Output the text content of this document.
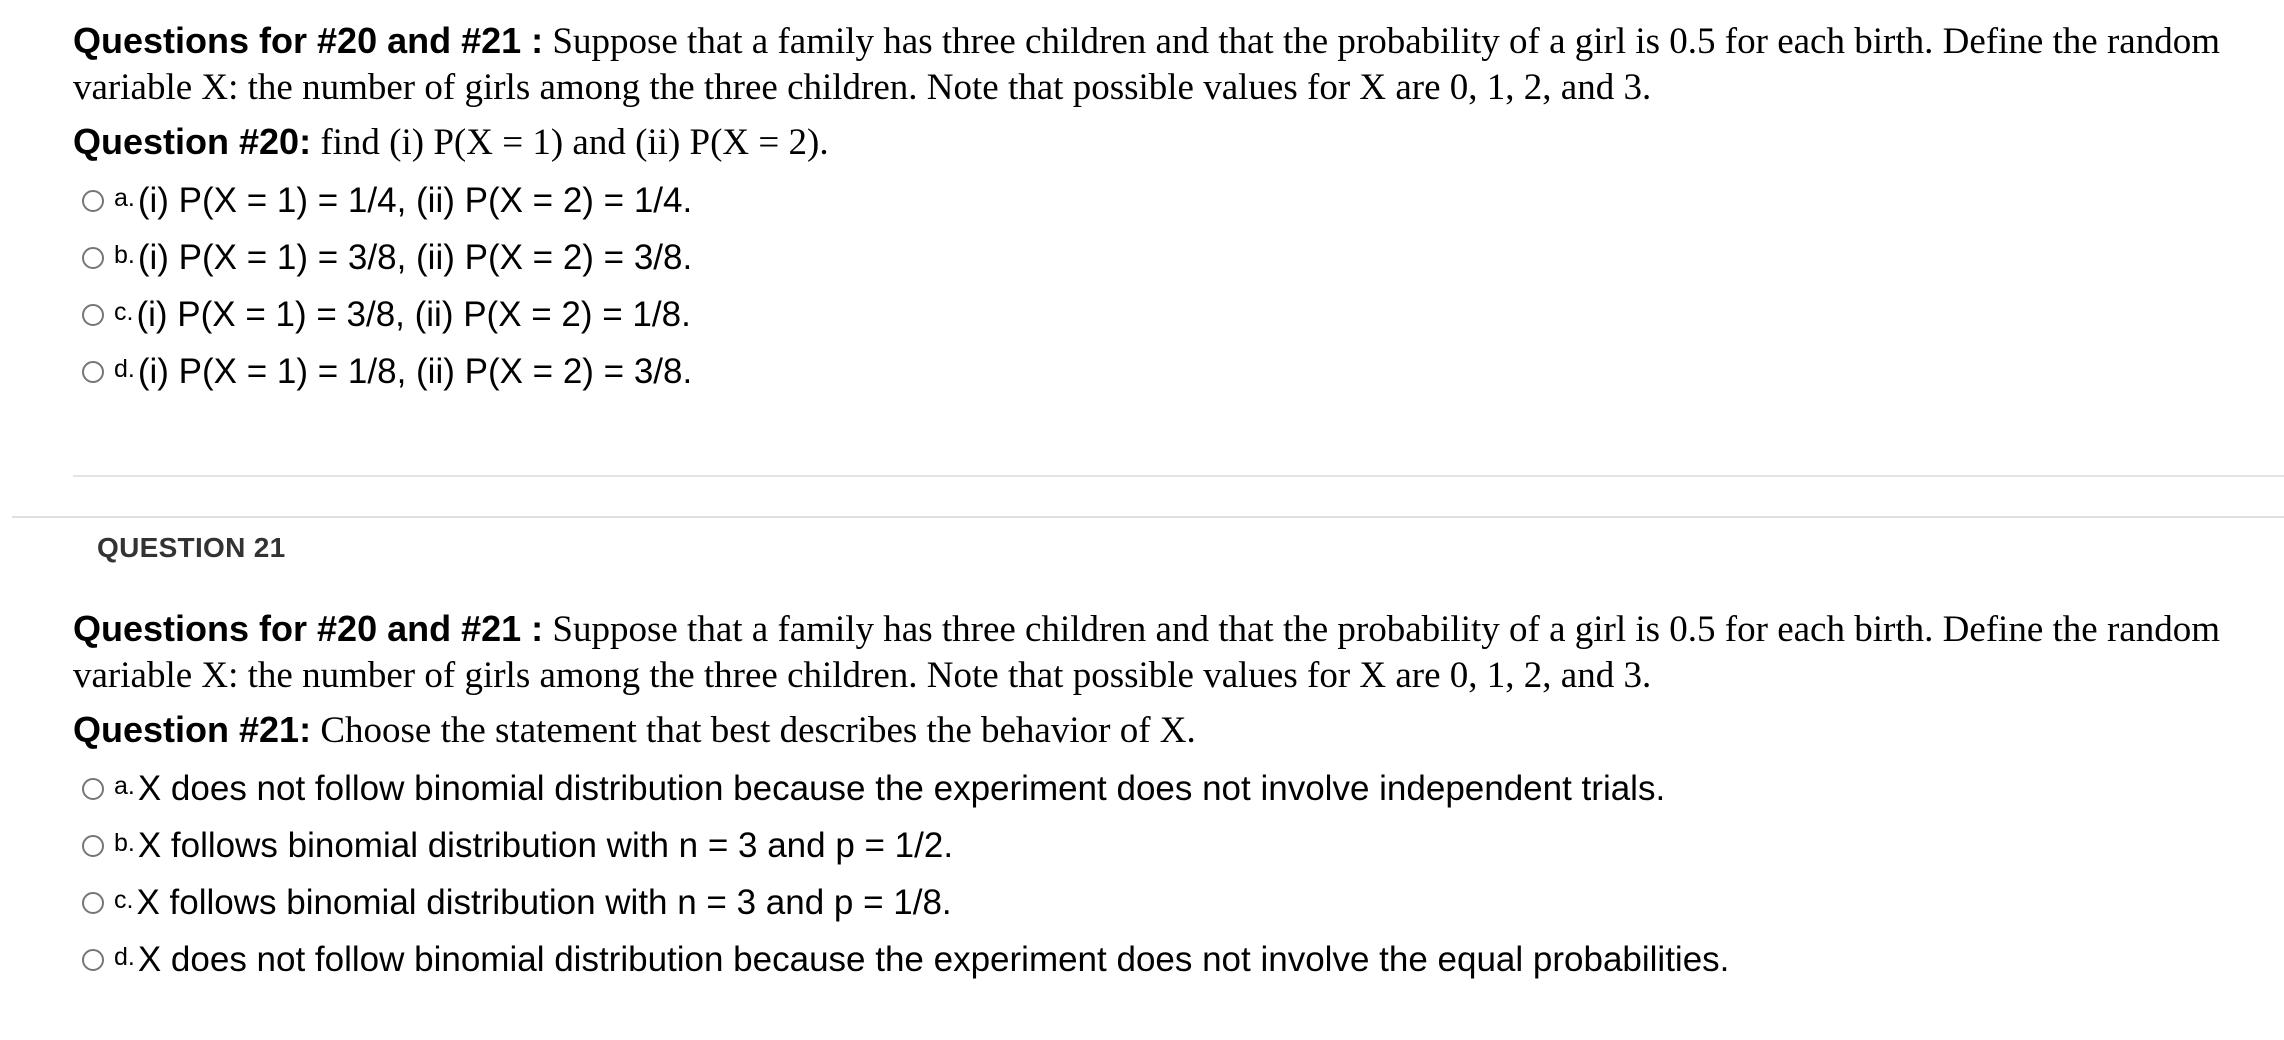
Questions for #20 and #21 : Suppose that a family has three children and that the probability of a girl is 0.5 for each birth. Define the random variable X: the number of girls among the three children. Note that possible values for X are 0, 1, 2, and 3.

Question #20: find (i) P(X = 1) and (ii) P(X = 2).
a. (i) P(X = 1) = 1/4, (ii) P(X = 2) = 1/4.
b. (i) P(X = 1) = 3/8, (ii) P(X = 2) = 3/8.
c. (i) P(X = 1) = 3/8, (ii) P(X = 2) = 1/8.
d. (i) P(X = 1) = 1/8, (ii) P(X = 2) = 3/8.
QUESTION 21

Questions for #20 and #21 : Suppose that a family has three children and that the probability of a girl is 0.5 for each birth. Define the random variable X: the number of girls among the three children. Note that possible values for X are 0, 1, 2, and 3.

Question #21: Choose the statement that best describes the behavior of X.
a. X does not follow binomial distribution because the experiment does not involve independent trials.
b. X follows binomial distribution with n = 3 and p = 1/2.
c. X follows binomial distribution with n = 3 and p = 1/8.
d. X does not follow binomial distribution because the experiment does not involve the equal probabilities.
